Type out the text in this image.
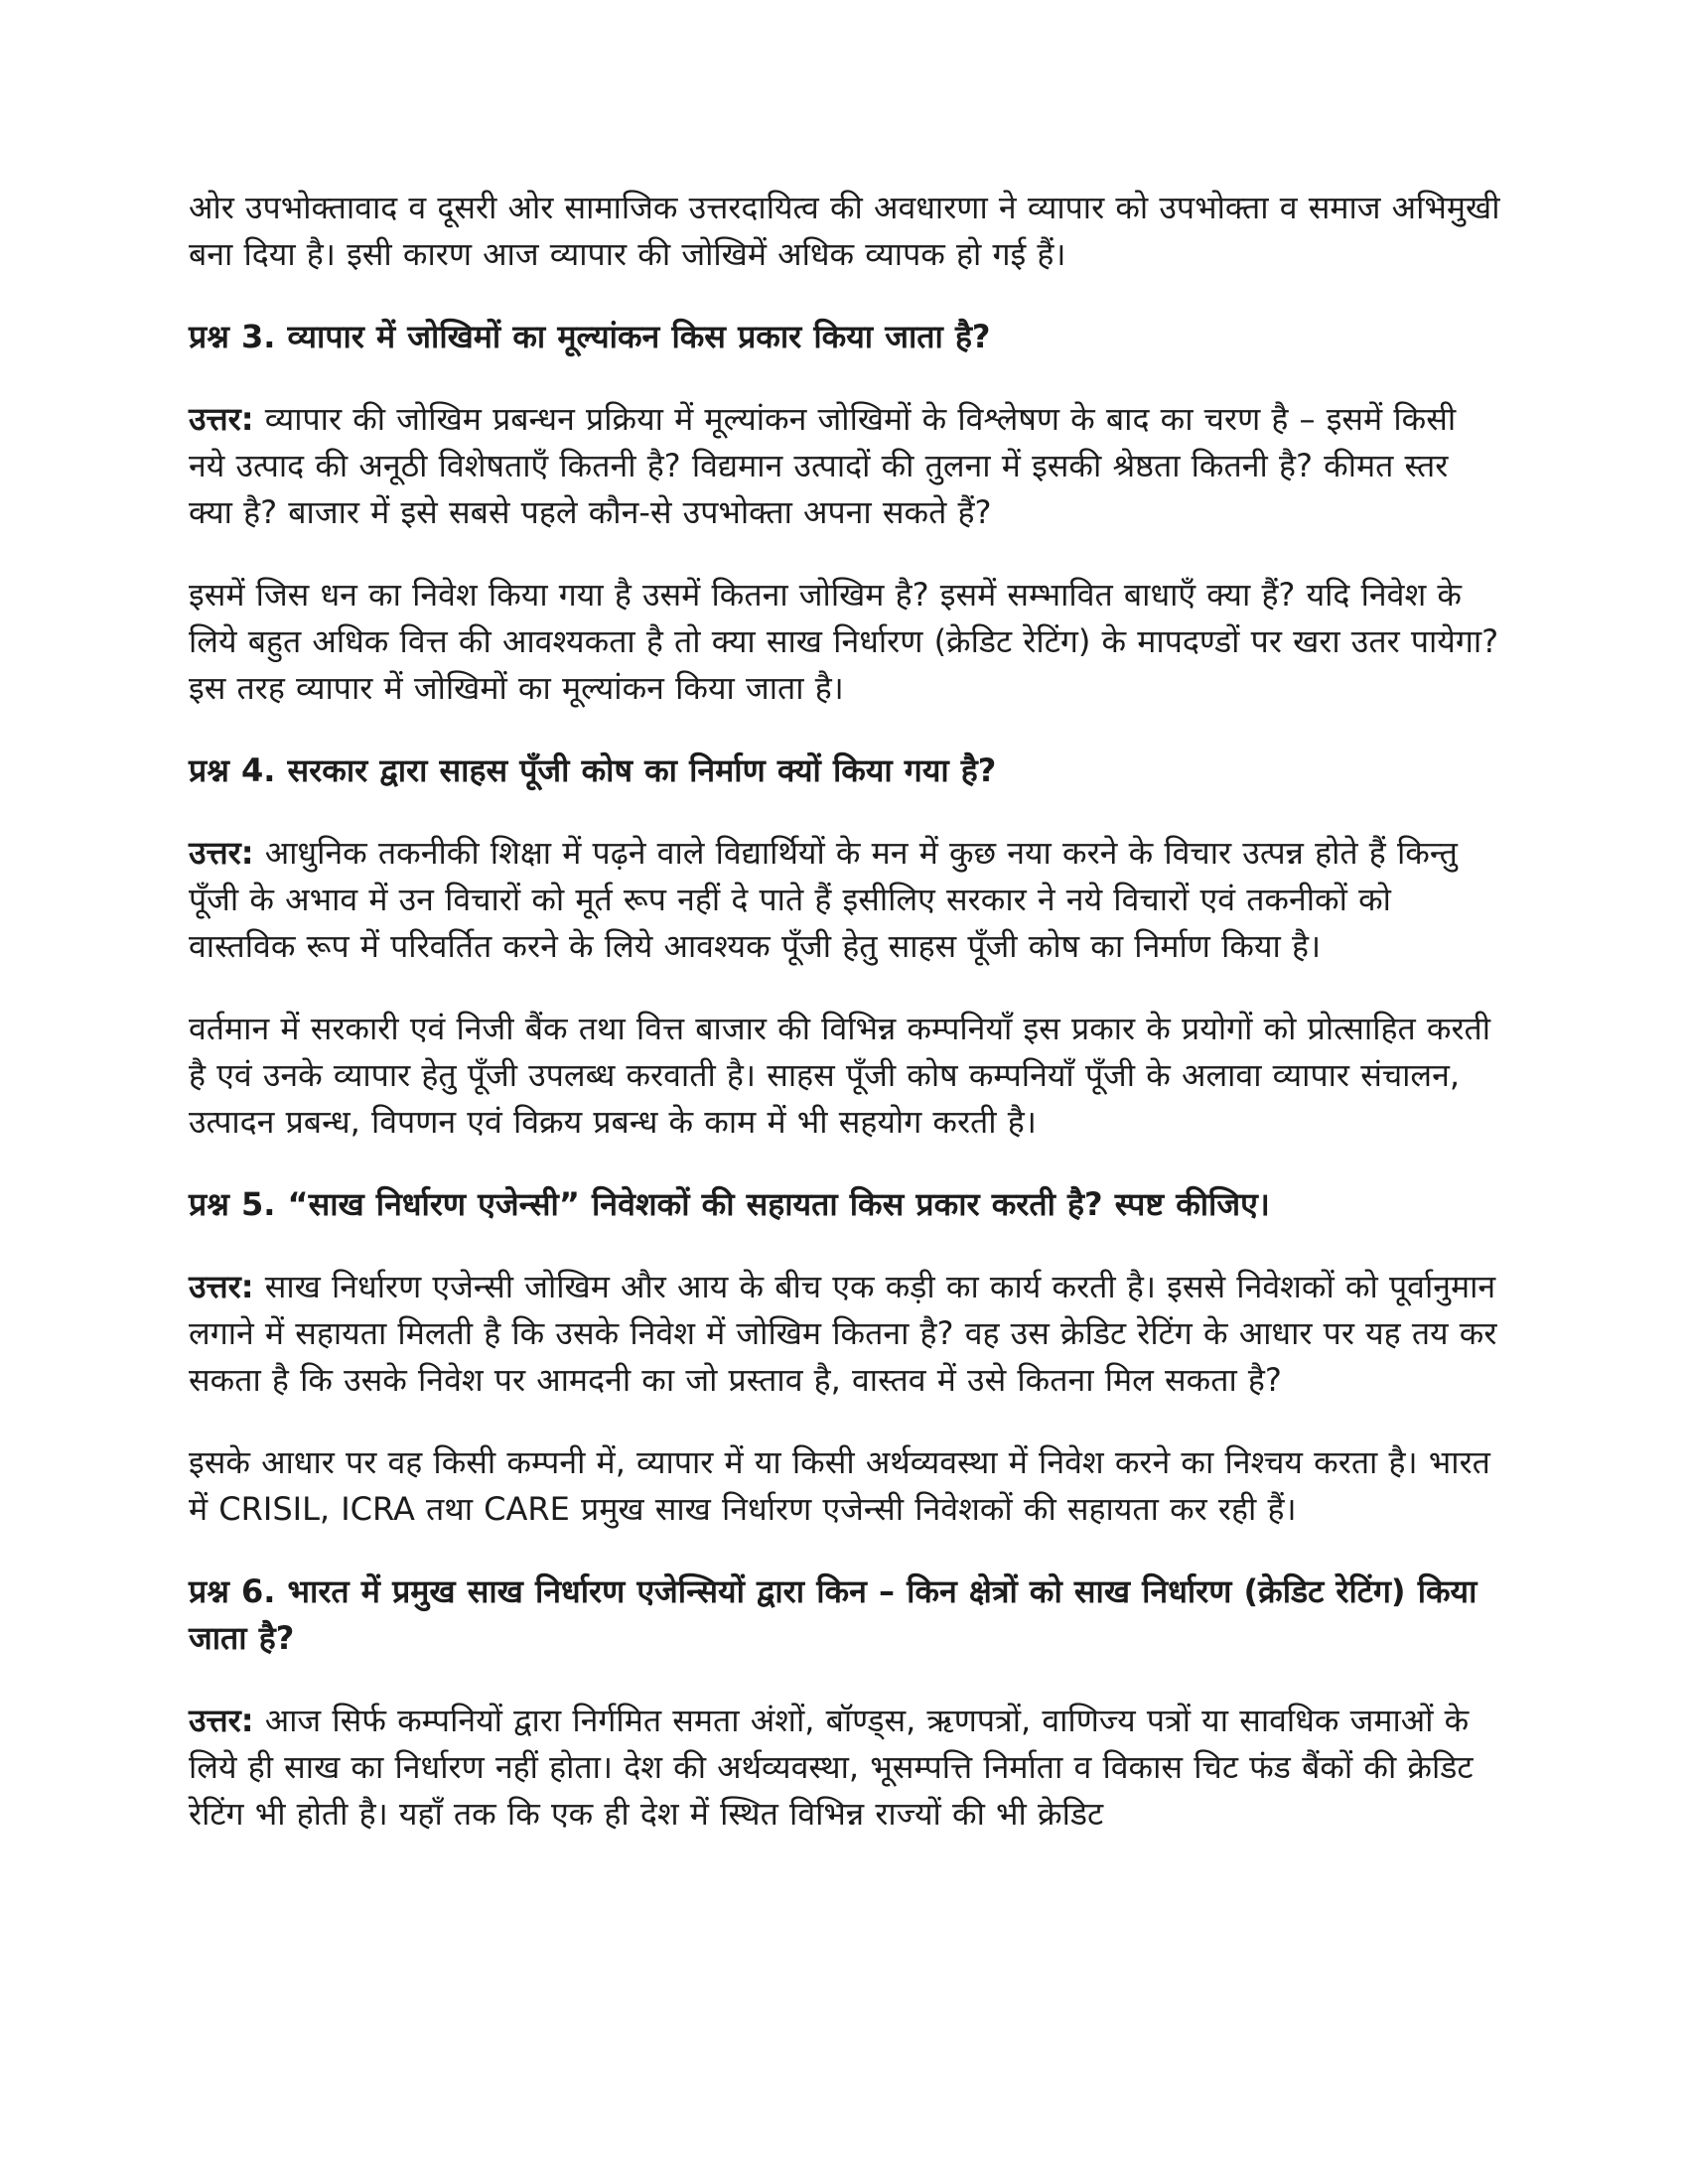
ओर उपभोक्तावाद व दूसरी ओर सामाजिक उत्तरदायित्व की अवधारणा ने व्यापार को उपभोक्ता व समाज अभिमुखी बना दिया है। इसी कारण आज व्यापार की जोखिमें अधिक व्यापक हो गई हैं।

प्रश्न 3. व्यापार में जोखिमों का मूल्यांकन किस प्रकार किया जाता है?

उत्तर: व्यापार की जोखिम प्रबन्धन प्रक्रिया में मूल्यांकन जोखिमों के विश्लेषण के बाद का चरण है – इसमें किसी नये उत्पाद की अनूठी विशेषताएँ कितनी है? विद्यमान उत्पादों की तुलना में इसकी श्रेष्ठता कितनी है? कीमत स्तर क्या है? बाजार में इसे सबसे पहले कौन-से उपभोक्ता अपना सकते हैं?

इसमें जिस धन का निवेश किया गया है उसमें कितना जोखिम है? इसमें सम्भावित बाधाएँ क्या हैं? यदि निवेश के लिये बहुत अधिक वित्त की आवश्यकता है तो क्या साख निर्धारण (क्रेडिट रेटिंग) के मापदण्डों पर खरा उतर पायेगा? इस तरह व्यापार में जोखिमों का मूल्यांकन किया जाता है।

प्रश्न 4. सरकार द्वारा साहस पूँजी कोष का निर्माण क्यों किया गया है?

उत्तर: आधुनिक तकनीकी शिक्षा में पढ़ने वाले विद्यार्थियों के मन में कुछ नया करने के विचार उत्पन्न होते हैं किन्तु पूँजी के अभाव में उन विचारों को मूर्त रूप नहीं दे पाते हैं इसीलिए सरकार ने नये विचारों एवं तकनीकों को वास्तविक रूप में परिवर्तित करने के लिये आवश्यक पूँजी हेतु साहस पूँजी कोष का निर्माण किया है।

वर्तमान में सरकारी एवं निजी बैंक तथा वित्त बाजार की विभिन्न कम्पनियाँ इस प्रकार के प्रयोगों को प्रोत्साहित करती है एवं उनके व्यापार हेतु पूँजी उपलब्ध करवाती है। साहस पूँजी कोष कम्पनियाँ पूँजी के अलावा व्यापार संचालन, उत्पादन प्रबन्ध, विपणन एवं विक्रय प्रबन्ध के काम में भी सहयोग करती है।

प्रश्न 5. “साख निर्धारण एजेन्सी” निवेशकों की सहायता किस प्रकार करती है? स्पष्ट कीजिए।

उत्तर: साख निर्धारण एजेन्सी जोखिम और आय के बीच एक कड़ी का कार्य करती है। इससे निवेशकों को पूर्वानुमान लगाने में सहायता मिलती है कि उसके निवेश में जोखिम कितना है? वह उस क्रेडिट रेटिंग के आधार पर यह तय कर सकता है कि उसके निवेश पर आमदनी का जो प्रस्ताव है, वास्तव में उसे कितना मिल सकता है?

इसके आधार पर वह किसी कम्पनी में, व्यापार में या किसी अर्थव्यवस्था में निवेश करने का निश्चय करता है। भारत में CRISIL, ICRA तथा CARE प्रमुख साख निर्धारण एजेन्सी निवेशकों की सहायता कर रही हैं।

प्रश्न 6. भारत में प्रमुख साख निर्धारण एजेन्सियों द्वारा किन – किन क्षेत्रों को साख निर्धारण (क्रेडिट रेटिंग) किया जाता है?

उत्तर: आज सिर्फ कम्पनियों द्वारा निर्गमित समता अंशों, बॉण्ड्स, ऋणपत्रों, वाणिज्य पत्रों या सावधिक जमाओं के लिये ही साख का निर्धारण नहीं होता। देश की अर्थव्यवस्था, भूसम्पत्ति निर्माता व विकास चिट फंड बैंकों की क्रेडिट रेटिंग भी होती है। यहाँ तक कि एक ही देश में स्थित विभिन्न राज्यों की भी क्रेडिट
